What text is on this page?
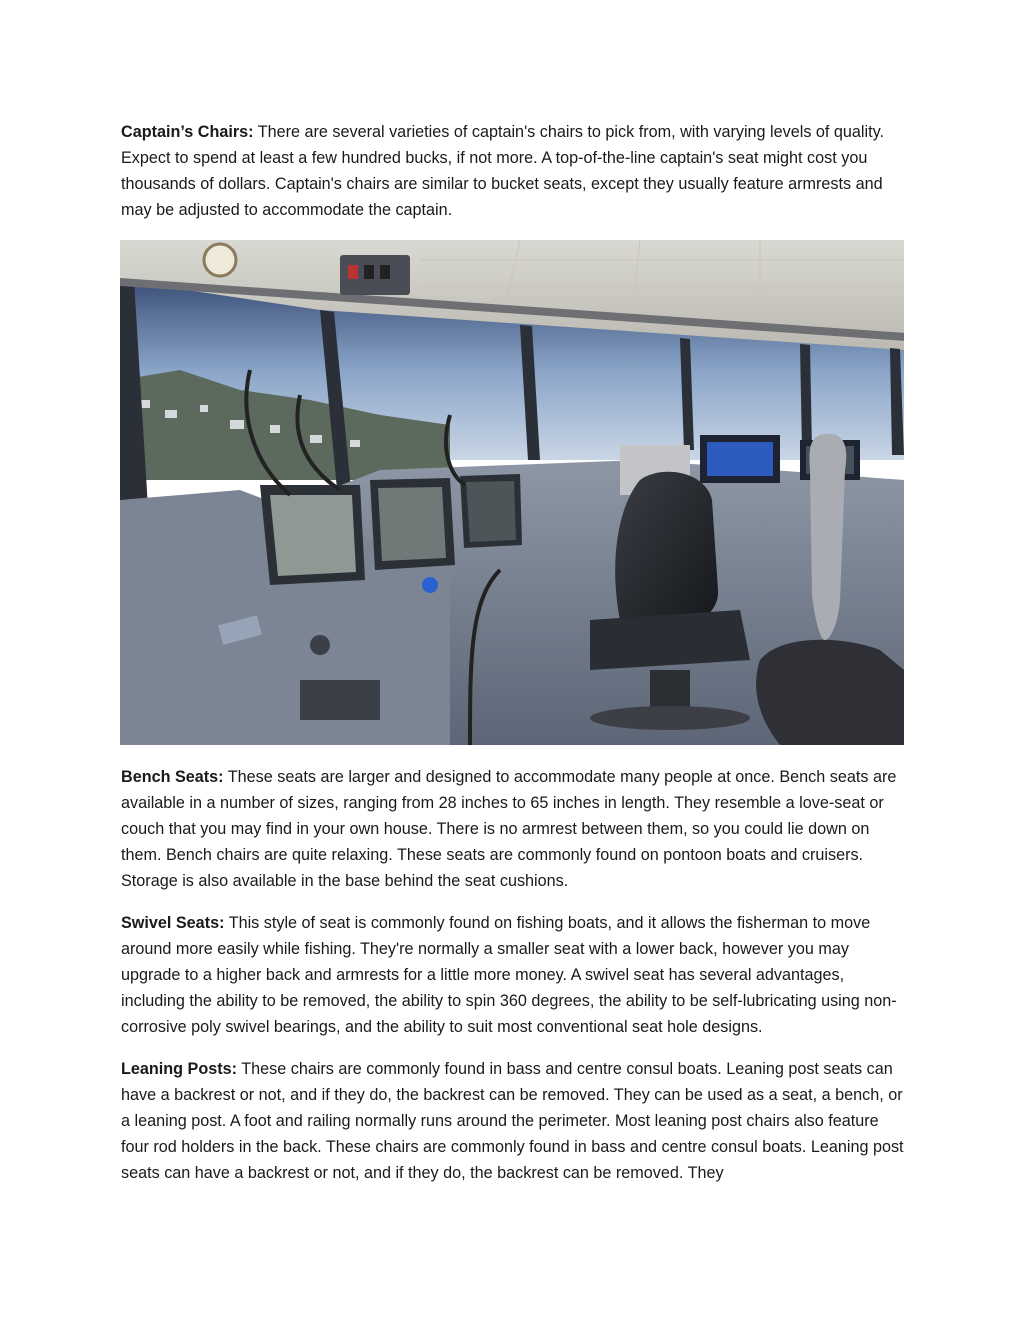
Captain’s Chairs: There are several varieties of captain's chairs to pick from, with varying levels of quality. Expect to spend at least a few hundred bucks, if not more. A top-of-the-line captain's seat might cost you thousands of dollars. Captain's chairs are similar to bucket seats, except they usually feature armrests and may be adjusted to accommodate the captain.

Bench Seats: These seats are larger and designed to accommodate many people at once. Bench seats are available in a number of sizes, ranging from 28 inches to 65 inches in length. They resemble a love-seat or couch that you may find in your own house. There is no armrest between them, so you could lie down on them. Bench chairs are quite relaxing. These seats are commonly found on pontoon boats and cruisers. Storage is also available in the base behind the seat cushions.

Swivel Seats: This style of seat is commonly found on fishing boats, and it allows the fisherman to move around more easily while fishing. They're normally a smaller seat with a lower back, however you may upgrade to a higher back and armrests for a little more money. A swivel seat has several advantages, including the ability to be removed, the ability to spin 360 degrees, the ability to be self-lubricating using non-corrosive poly swivel bearings, and the ability to suit most conventional seat hole designs.

Leaning Posts: These chairs are commonly found in bass and centre consul boats. Leaning post seats can have a backrest or not, and if they do, the backrest can be removed. They can be used as a seat, a bench, or a leaning post. A foot and railing normally runs around the perimeter. Most leaning post chairs also feature four rod holders in the back. These chairs are commonly found in bass and centre consul boats. Leaning post seats can have a backrest or not, and if they do, the backrest can be removed. They
